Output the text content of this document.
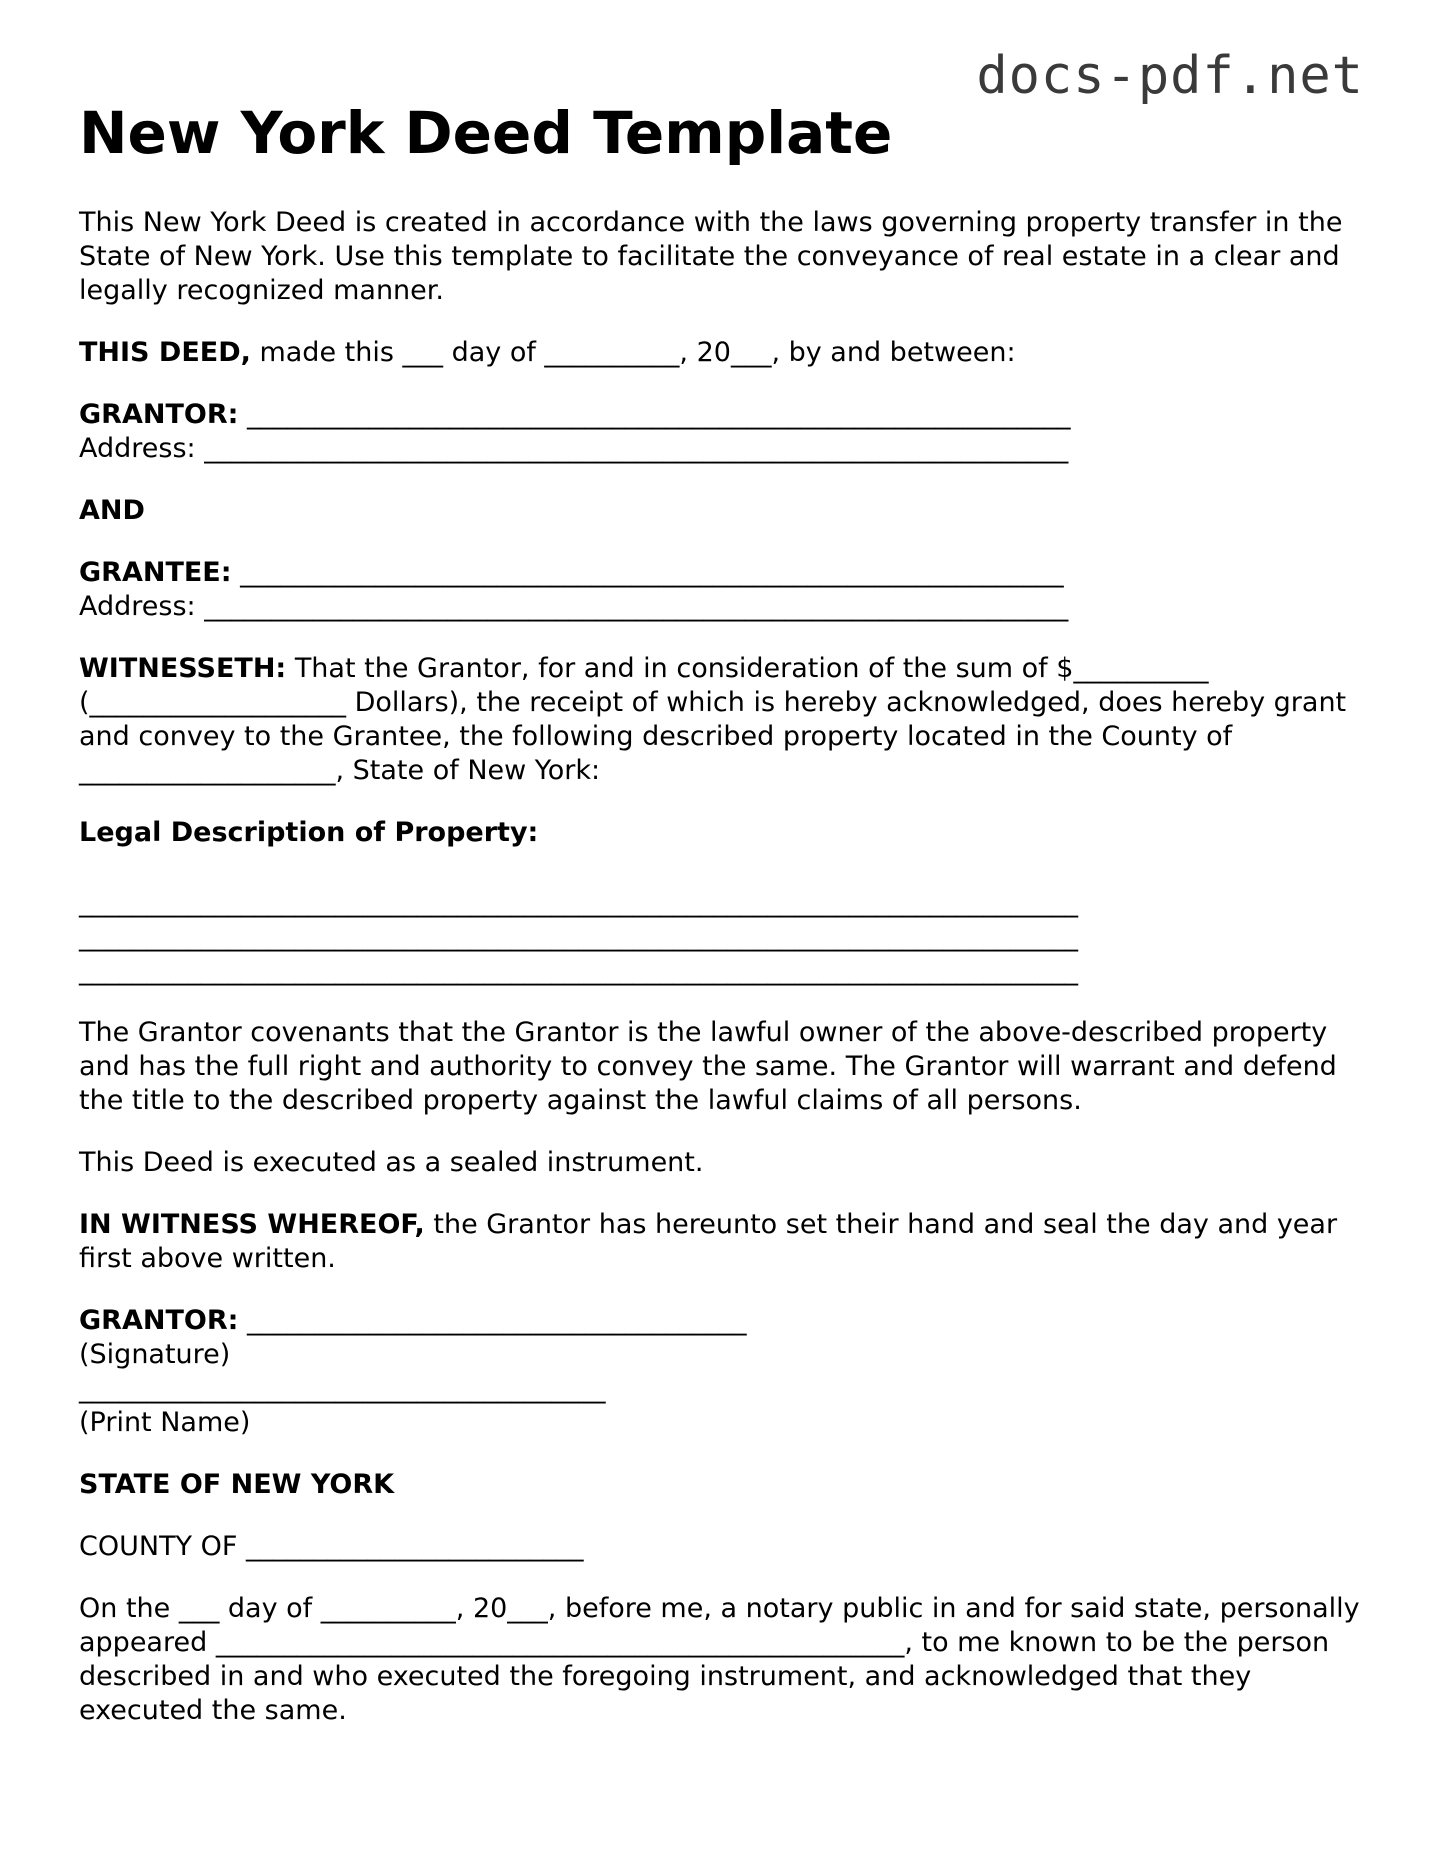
docs-pdf.net
New York Deed Template

This New York Deed is created in accordance with the laws governing property transfer in the State of New York. Use this template to facilitate the conveyance of real estate in a clear and legally recognized manner.

THIS DEED, made this ___ day of __________, 20___, by and between:

GRANTOR: _____________________________________________________________
Address: ________________________________________________________________

AND

GRANTEE: _____________________________________________________________
Address: ________________________________________________________________

WITNESSETH: That the Grantor, for and in consideration of the sum of $__________ (___________________ Dollars), the receipt of which is hereby acknowledged, does hereby grant and convey to the Grantee, the following described property located in the County of ___________________, State of New York:

Legal Description of Property:

__________________________________________________________________________
__________________________________________________________________________
__________________________________________________________________________

The Grantor covenants that the Grantor is the lawful owner of the above-described property and has the full right and authority to convey the same. The Grantor will warrant and defend the title to the described property against the lawful claims of all persons.

This Deed is executed as a sealed instrument.

IN WITNESS WHEREOF, the Grantor has hereunto set their hand and seal the day and year first above written.

GRANTOR: _____________________________________
(Signature)
_______________________________________
(Print Name)

STATE OF NEW YORK

COUNTY OF _________________________

On the ___ day of __________, 20___, before me, a notary public in and for said state, personally appeared ___________________________________________________, to me known to be the person described in and who executed the foregoing instrument, and acknowledged that they executed the same.
